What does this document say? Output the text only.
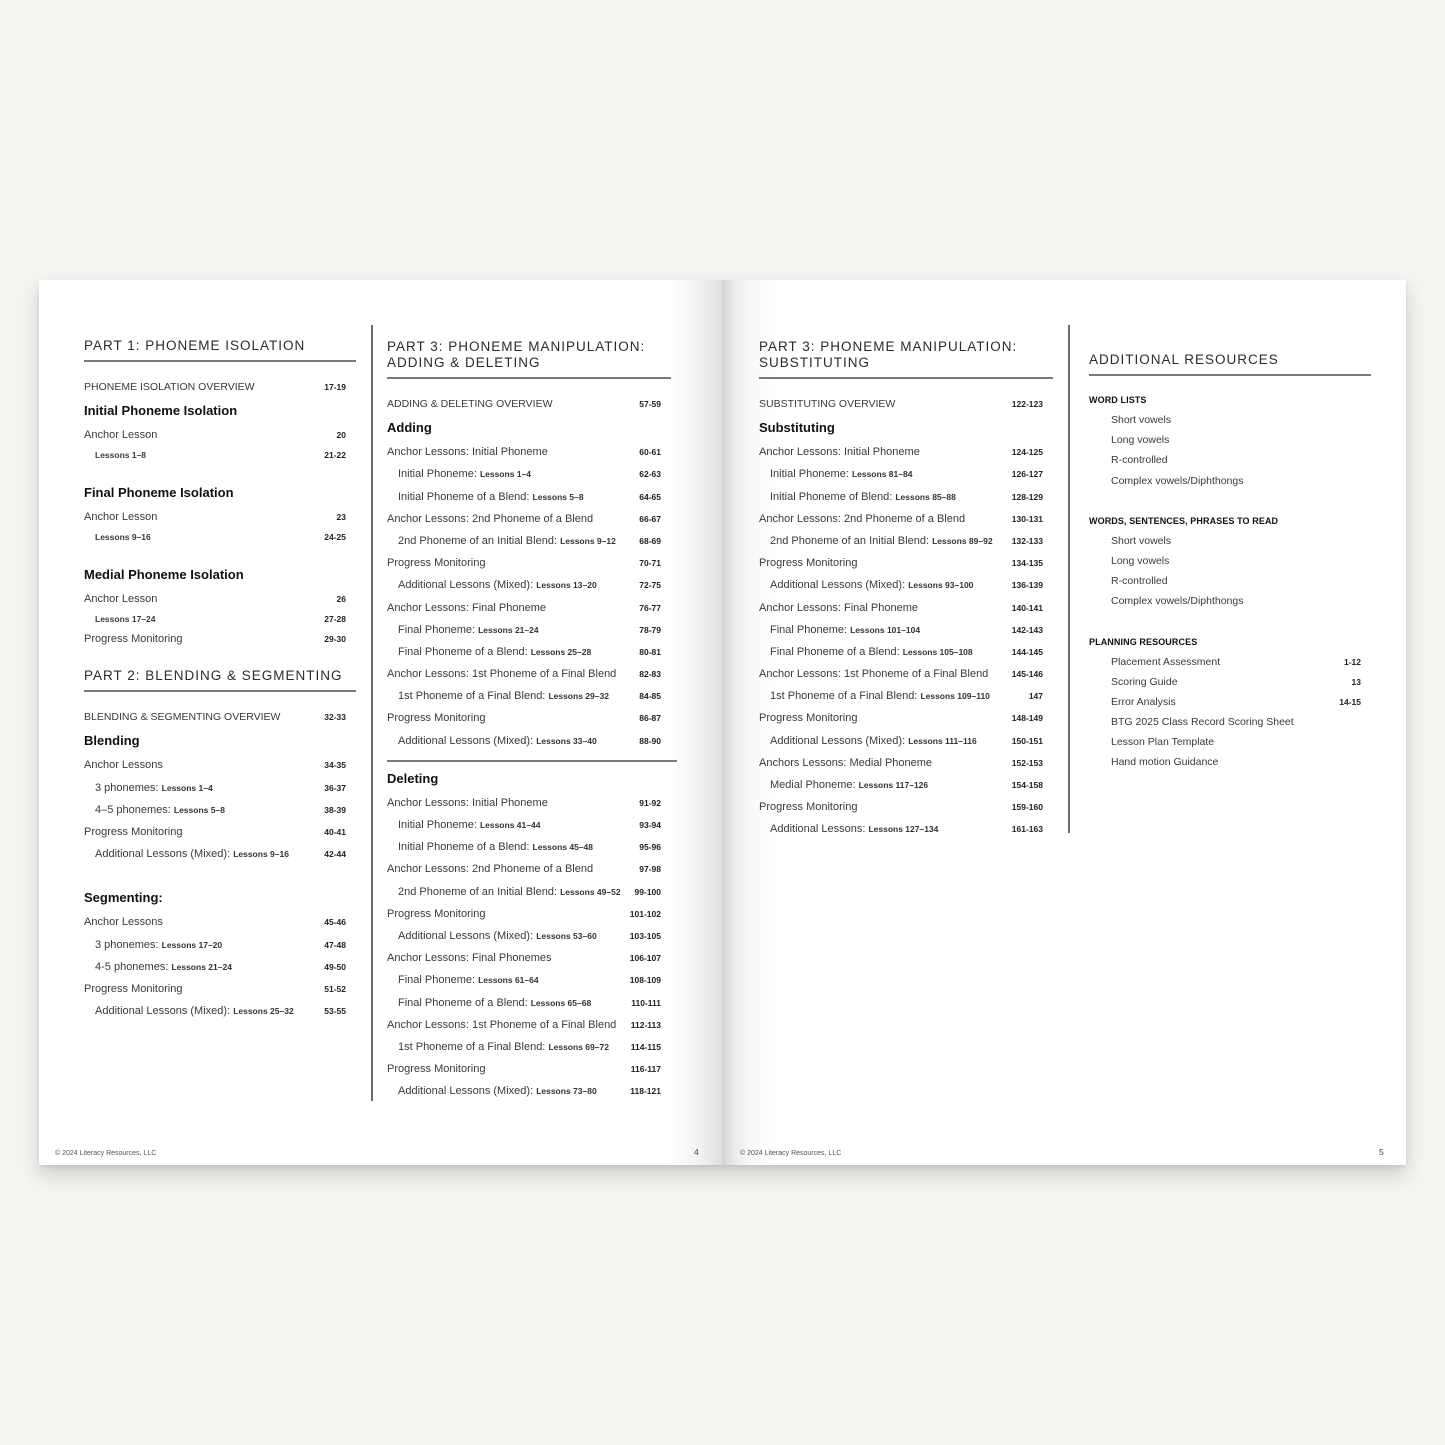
PART 1: PHONEME ISOLATION
PHONEME ISOLATION OVERVIEW	17-19
Initial Phoneme Isolation
Anchor Lesson	20
Lessons 1–8	21-22
Final Phoneme Isolation
Anchor Lesson	23
Lessons 9–16	24-25
Medial Phoneme Isolation
Anchor Lesson	26
Lessons 17–24	27-28
Progress Monitoring	29-30
PART 2: BLENDING & SEGMENTING
BLENDING & SEGMENTING OVERVIEW	32-33
Blending
Anchor Lessons	34-35
3 phonemes: Lessons 1–4	36-37
4–5 phonemes: Lessons 5–8	38-39
Progress Monitoring	40-41
Additional Lessons (Mixed): Lessons 9–16	42-44
Segmenting:
Anchor Lessons	45-46
3 phonemes: Lessons 17–20	47-48
4-5 phonemes: Lessons 21–24	49-50
Progress Monitoring	51-52
Additional Lessons (Mixed): Lessons 25–32	53-55
PART 3: PHONEME MANIPULATION:
ADDING & DELETING
ADDING & DELETING OVERVIEW	57-59
Adding
Anchor Lessons: Initial Phoneme	60-61
Initial Phoneme: Lessons 1–4	62-63
Initial Phoneme of a Blend: Lessons 5–8	64-65
Anchor Lessons: 2nd Phoneme of a Blend	66-67
2nd Phoneme of an Initial Blend: Lessons 9–12	68-69
Progress Monitoring	70-71
Additional Lessons (Mixed): Lessons 13–20	72-75
Anchor Lessons: Final Phoneme	76-77
Final Phoneme: Lessons 21–24	78-79
Final Phoneme of a Blend: Lessons 25–28	80-81
Anchor Lessons: 1st Phoneme of a Final Blend	82-83
1st Phoneme of a Final Blend: Lessons 29–32	84-85
Progress Monitoring	86-87
Additional Lessons (Mixed): Lessons 33–40	88-90
Deleting
Anchor Lessons: Initial Phoneme	91-92
Initial Phoneme: Lessons 41–44	93-94
Initial Phoneme of a Blend: Lessons 45–48	95-96
Anchor Lessons: 2nd Phoneme of a Blend	97-98
2nd Phoneme of an Initial Blend: Lessons 49–52 99-100
Progress Monitoring	101-102
Additional Lessons (Mixed): Lessons 53–60	103-105
Anchor Lessons: Final Phonemes	106-107
Final Phoneme: Lessons 61–64	108-109
Final Phoneme of a Blend: Lessons 65–68	110-111
Anchor Lessons: 1st Phoneme of a Final Blend 112-113
1st Phoneme of a Final Blend: Lessons 69–72	114-115
Progress Monitoring	116-117
Additional Lessons (Mixed): Lessons 73–80	118-121
© 2024 Literacy Resources, LLC	4
PART 3: PHONEME MANIPULATION:
SUBSTITUTING
SUBSTITUTING OVERVIEW	122-123
Substituting
Anchor Lessons: Initial Phoneme	124-125
Initial Phoneme: Lessons 81–84	126-127
Initial Phoneme of Blend: Lessons 85–88	128-129
Anchor Lessons: 2nd Phoneme of a Blend	130-131
2nd Phoneme of an Initial Blend: Lessons 89–92 132-133
Progress Monitoring	134-135
Additional Lessons (Mixed): Lessons 93–100	136-139
Anchor Lessons: Final Phoneme	140-141
Final Phoneme: Lessons 101–104	142-143
Final Phoneme of a Blend: Lessons 105–108	144-145
Anchor Lessons: 1st Phoneme of a Final Blend	145-146
1st Phoneme of a Final Blend: Lessons 109–110	147
Progress Monitoring	148-149
Additional Lessons (Mixed): Lessons 111–116	150-151
Anchors Lessons: Medial Phoneme	152-153
Medial Phoneme: Lessons 117–126	154-158
Progress Monitoring	159-160
Additional Lessons: Lessons 127–134	161-163
ADDITIONAL RESOURCES
WORD LISTS
Short vowels
Long vowels
R-controlled
Complex vowels/Diphthongs
WORDS, SENTENCES, PHRASES TO READ
Short vowels
Long vowels
R-controlled
Complex vowels/Diphthongs
PLANNING RESOURCES
Placement Assessment	1-12
Scoring Guide	13
Error Analysis	14-15
BTG 2025 Class Record Scoring Sheet
Lesson Plan Template
Hand motion Guidance
© 2024 Literacy Resources, LLC	5
